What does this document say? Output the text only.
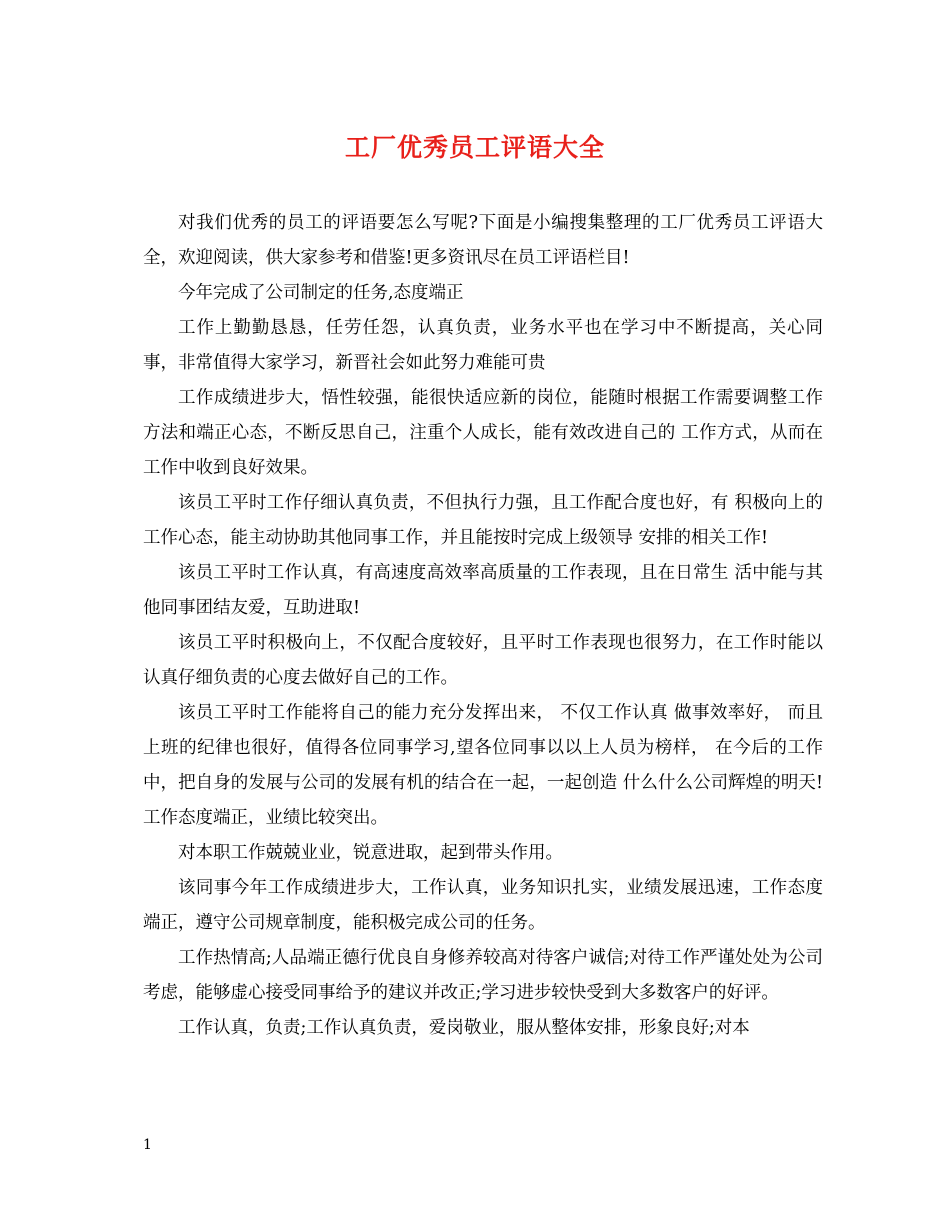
工厂优秀员工评语大全

对我们优秀的员工的评语要怎么写呢?下面是小编搜集整理的工厂优秀员工评语大全，欢迎阅读，供大家参考和借鉴!更多资讯尽在员工评语栏目!

今年完成了公司制定的任务,态度端正

工作上勤勤恳恳，任劳任怨，认真负责，业务水平也在学习中不断提高，关心同事，非常值得大家学习，新晋社会如此努力难能可贵

工作成绩进步大，悟性较强，能很快适应新的岗位，能随时根据工作需要调整工作方法和端正心态，不断反思自己，注重个人成长，能有效改进自己的 工作方式，从而在工作中收到良好效果。

该员工平时工作仔细认真负责，不但执行力强，且工作配合度也好，有 积极向上的工作心态，能主动协助其他同事工作，并且能按时完成上级领导 安排的相关工作!

该员工平时工作认真，有高速度高效率高质量的工作表现，且在日常生 活中能与其他同事团结友爱，互助进取!

该员工平时积极向上，不仅配合度较好，且平时工作表现也很努力，在工作时能以认真仔细负责的心度去做好自己的工作。

该员工平时工作能将自己的能力充分发挥出来， 不仅工作认真 做事效率好， 而且上班的纪律也很好，值得各位同事学习,望各位同事以以上人员为榜样， 在今后的工作中，把自身的发展与公司的发展有机的结合在一起，一起创造 什么什么公司辉煌的明天!工作态度端正，业绩比较突出。

对本职工作兢兢业业，锐意进取，起到带头作用。

该同事今年工作成绩进步大，工作认真，业务知识扎实，业绩发展迅速，工作态度端正，遵守公司规章制度，能积极完成公司的任务。

工作热情高;人品端正德行优良自身修养较高对待客户诚信;对待工作严谨处处为公司考虑，能够虚心接受同事给予的建议并改正;学习进步较快受到大多数客户的好评。

工作认真，负责;工作认真负责，爱岗敬业，服从整体安排，形象良好;对本

1
